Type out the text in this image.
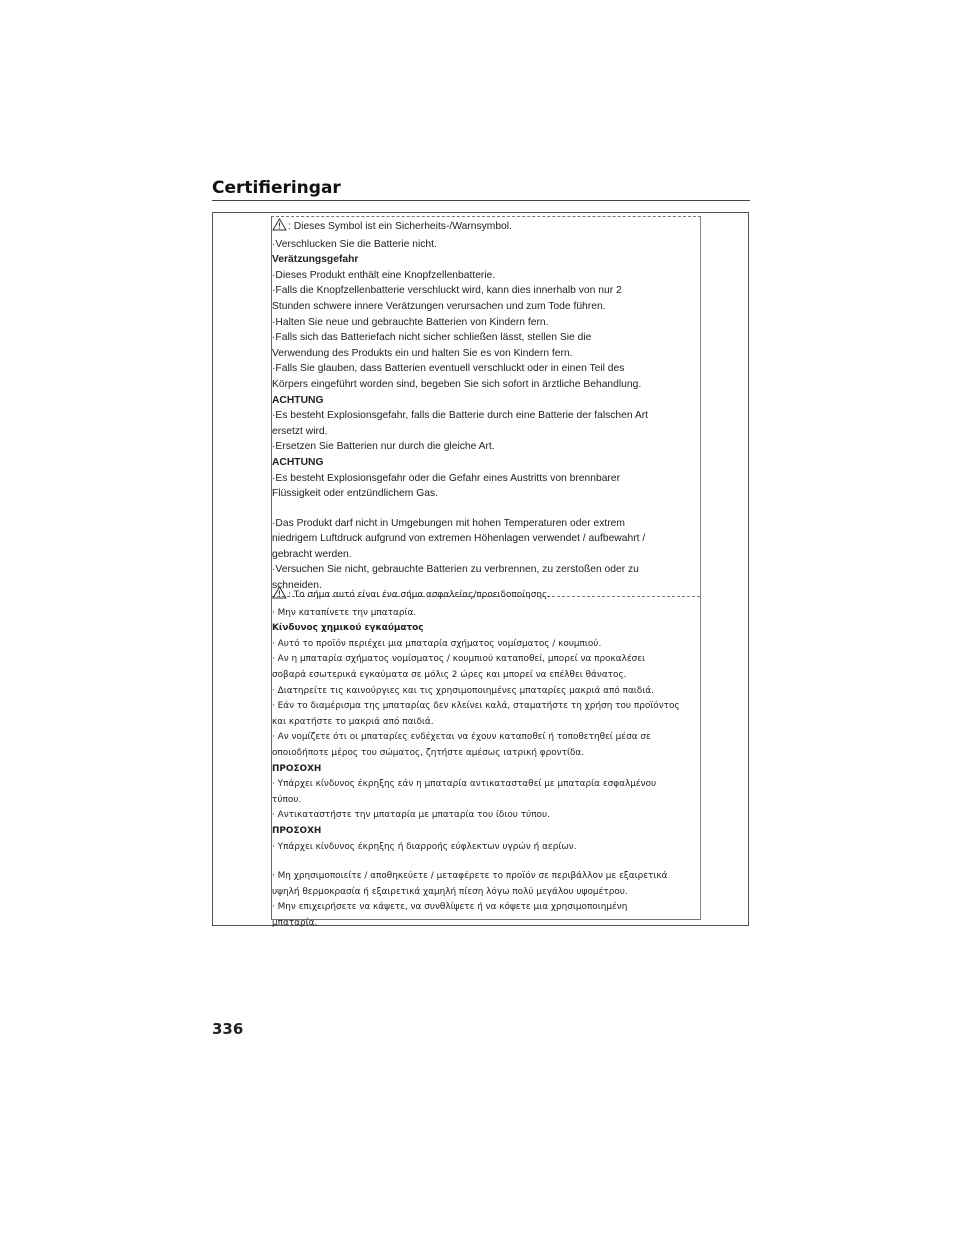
Certifieringar
: Dieses Symbol ist ein Sicherheits-/Warnsymbol.
·Verschlucken Sie die Batterie nicht.
Verätzungsgefahr
·Dieses Produkt enthält eine Knopfzellenbatterie.
·Falls die Knopfzellenbatterie verschluckt wird, kann dies innerhalb von nur 2
Stunden schwere innere Verätzungen verursachen und zum Tode führen.
·Halten Sie neue und gebrauchte Batterien von Kindern fern.
·Falls sich das Batteriefach nicht sicher schließen lässt, stellen Sie die
Verwendung des Produkts ein und halten Sie es von Kindern fern.
·Falls Sie glauben, dass Batterien eventuell verschluckt oder in einen Teil des
Körpers eingeführt worden sind, begeben Sie sich sofort in ärztliche Behandlung.
ACHTUNG
·Es besteht Explosionsgefahr, falls die Batterie durch eine Batterie der falschen Art
ersetzt wird.
·Ersetzen Sie Batterien nur durch die gleiche Art.
ACHTUNG
·Es besteht Explosionsgefahr oder die Gefahr eines Austritts von brennbarer
Flüssigkeit oder entzündlichem Gas.
·Das Produkt darf nicht in Umgebungen mit hohen Temperaturen oder extrem
niedrigem Luftdruck aufgrund von extremen Höhenlagen verwendet / aufbewahrt /
gebracht werden.
·Versuchen Sie nicht, gebrauchte Batterien zu verbrennen, zu zerstoßen oder zu
schneiden.
: Το σήμα αυτό είναι ένα σήμα ασφαλείας/προειδοποίησης.
· Μην καταπίνετε την μπαταρία.
Κίνδυνος χημικού εγκαύματος
· Αυτό το προϊόν περιέχει μια μπαταρία σχήματος νομίσματος / κουμπιού.
· Αν η μπαταρία σχήματος νομίσματος / κουμπιού καταποθεί, μπορεί να προκαλέσει
σοβαρά εσωτερικά εγκαύματα σε μόλις 2 ώρες και μπορεί να επέλθει θάνατος.
· Διατηρείτε τις καινούργιες και τις χρησιμοποιημένες μπαταρίες μακριά από παιδιά.
· Εάν το διαμέρισμα της μπαταρίας δεν κλείνει καλά, σταματήστε τη χρήση του προϊόντος
και κρατήστε το μακριά από παιδιά.
· Αν νομίζετε ότι οι μπαταρίες ενδέχεται να έχουν καταποθεί ή τοποθετηθεί μέσα σε
οποιοδήποτε μέρος του σώματος, ζητήστε αμέσως ιατρική φροντίδα.
ΠΡΟΣΟΧΗ
· Υπάρχει κίνδυνος έκρηξης εάν η μπαταρία αντικατασταθεί με μπαταρία εσφαλμένου
τύπου.
· Αντικαταστήστε την μπαταρία με μπαταρία του ίδιου τύπου.
ΠΡΟΣΟΧΗ
· Υπάρχει κίνδυνος έκρηξης ή διαρροής εύφλεκτων υγρών ή αερίων.
· Μη χρησιμοποιείτε / αποθηκεύετε / μεταφέρετε το προϊόν σε περιβάλλον με εξαιρετικά
υψηλή θερμοκρασία ή εξαιρετικά χαμηλή πίεση λόγω πολύ μεγάλου υψομέτρου.
· Μην επιχειρήσετε να κάψετε, να συνθλίψετε ή να κόψετε μια χρησιμοποιημένη
μπαταρία.
336
